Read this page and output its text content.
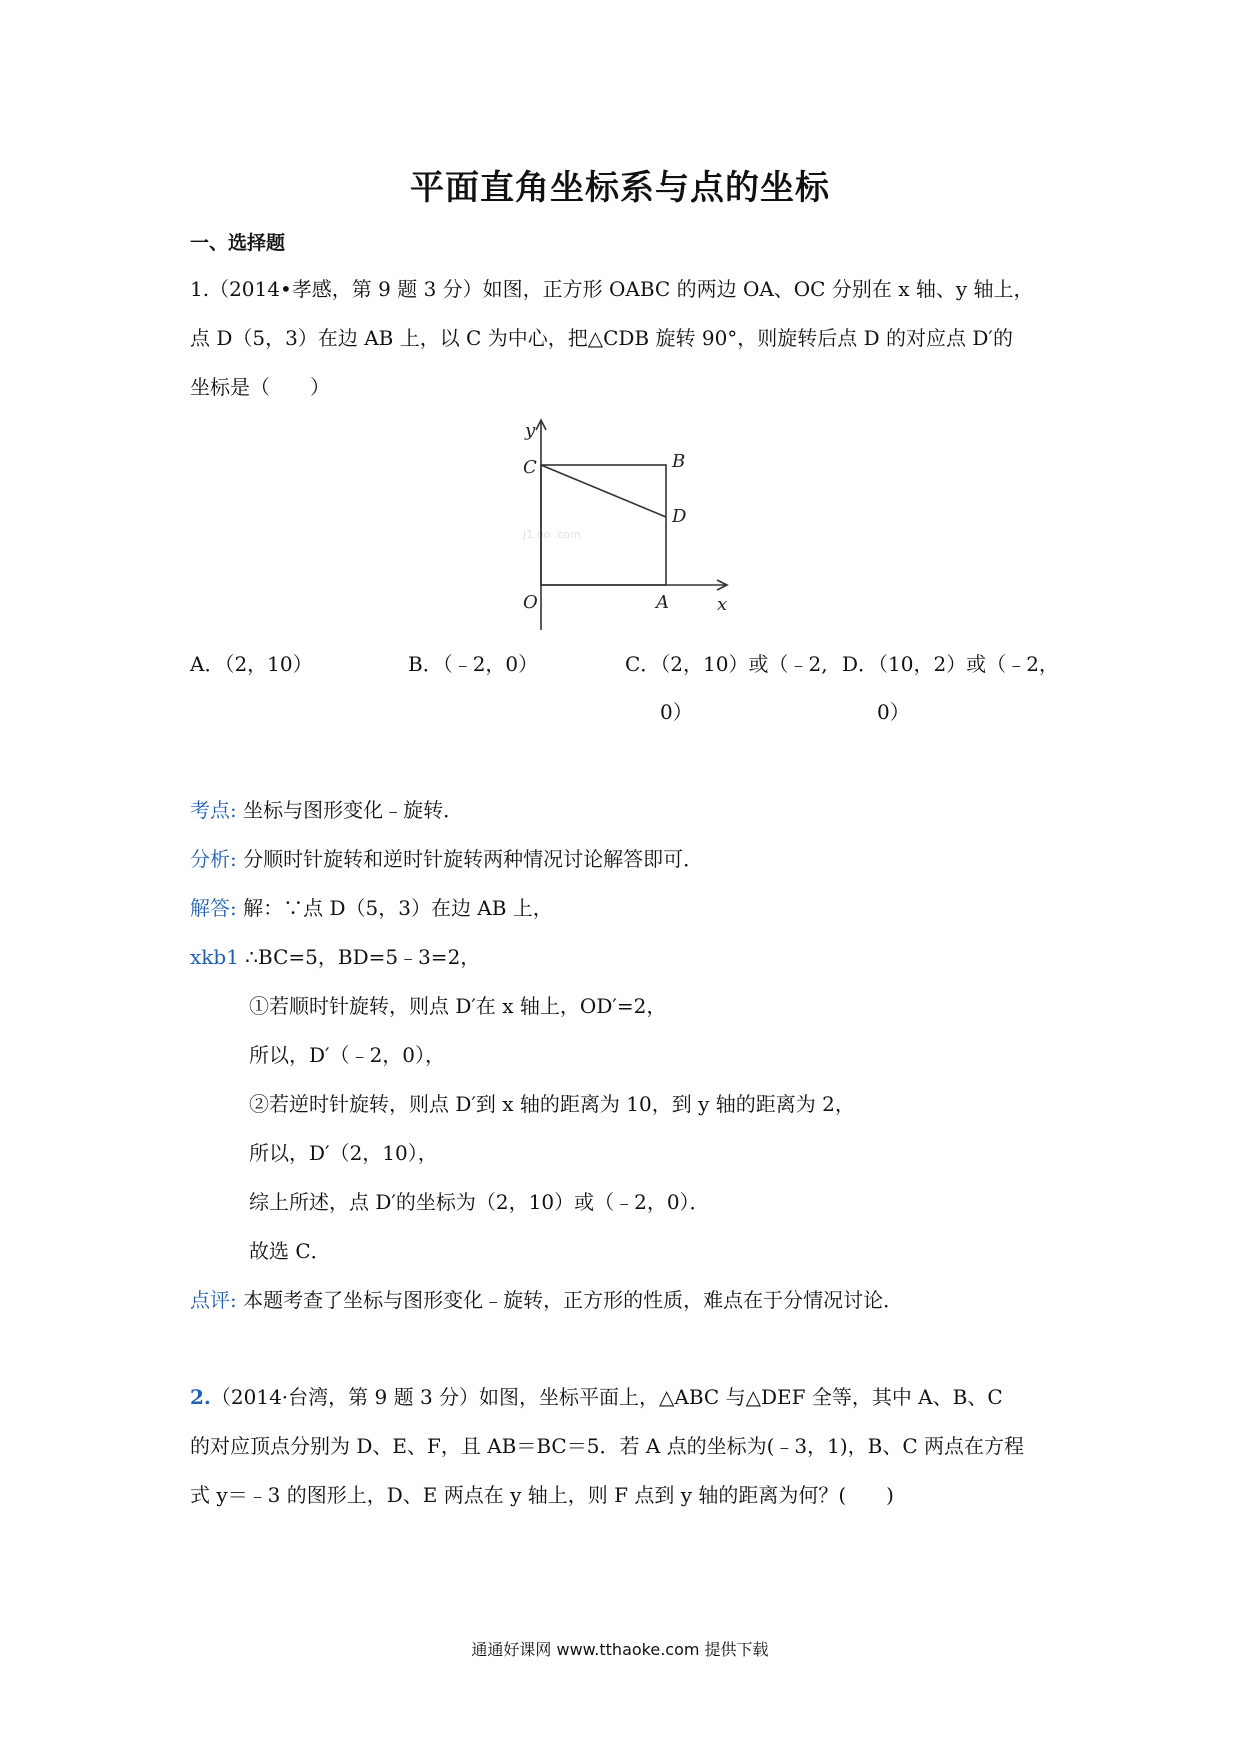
平面直角坐标系与点的坐标
一、选择题
1.（2014•孝感，第 9 题 3 分）如图，正方形 OABC 的两边 OA、OC 分别在 x 轴、y 轴上，
点 D（5，3）在边 AB 上，以 C 为中心，把△CDB 旋转 90°，则旋转后点 D 的对应点 D′的
坐标是（　　）
J1 oo .com
y
x
O	A
B
C
D
A．（2，10）	B．（﹣2，0）	C．（2，10）或（﹣2, D．（10，2）或（﹣2，
0）	0）
考点: 坐标与图形变化﹣旋转．
分析: 分顺时针旋转和逆时针旋转两种情况讨论解答即可．
解答: 解：∵点 D（5，3）在边 AB 上，
xkb1 ∴BC=5，BD=5﹣3=2，
①若顺时针旋转，则点 D′在 x 轴上，OD′=2，
所以，D′（﹣2，0），
②若逆时针旋转，则点 D′到 x 轴的距离为 10，到 y 轴的距离为 2，
所以，D′（2，10），
综上所述，点 D′的坐标为（2，10）或（﹣2，0）．
故选 C．
点评: 本题考查了坐标与图形变化﹣旋转，正方形的性质，难点在于分情况讨论．
2.（2014·台湾，第 9 题 3 分）如图，坐标平面上，△ABC 与△DEF 全等，其中 A、B、C
的对应顶点分别为 D、E、F，且 AB＝BC＝5．若 A 点的坐标为(﹣3，1)，B、C 两点在方程
式 y＝﹣3 的图形上，D、E 两点在 y 轴上，则 F 点到 y 轴的距离为何？(　　)
通通好课网 www.tthaoke.com 提供下载
